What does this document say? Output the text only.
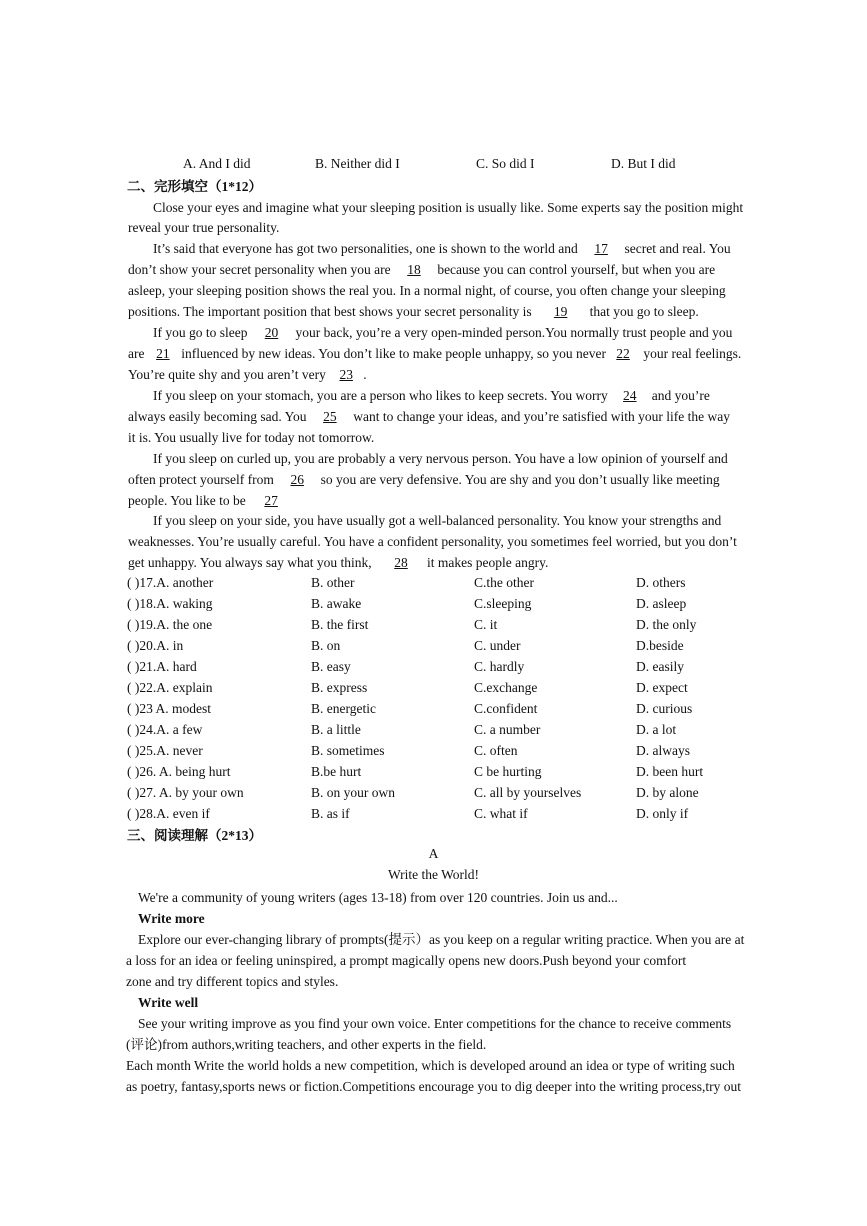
A. And I did	B. Neither did I	C. So did I	D. But I did
二、完形填空（1*12）
Close your eyes and imagine what your sleeping position is usually like. Some experts say the position might
reveal your true personality.
It’s said that everyone has got two personalities, one is shown to the world and 17 secret and real. You
don’t show your secret personality when you are 18 because you can control yourself, but when you are
asleep, your sleeping position shows the real you. In a normal night, of course, you often change your sleeping
positions. The important position that best shows your secret personality is 19 that you go to sleep.
If you go to sleep 20 your back, you’re a very open-minded person.You normally trust people and you
are 21 influenced by new ideas. You don’t like to make people unhappy, so you never 22 your real feelings.
You’re quite shy and you aren’t very 23 .
If you sleep on your stomach, you are a person who likes to keep secrets. You worry 24 and you’re
always easily becoming sad. You 25 want to change your ideas, and you’re satisfied with your life the way
it is. You usually live for today not tomorrow.
If you sleep on curled up, you are probably a very nervous person. You have a low opinion of yourself and
often protect yourself from 26 so you are very defensive. You are shy and you don’t usually like meeting
people. You like to be 27
If you sleep on your side, you have usually got a well-balanced personality. You know your strengths and
weaknesses. You’re usually careful. You have a confident personality, you sometimes feel worried, but you don’t
get unhappy. You always say what you think, 28 it makes people angry.
( )17.A. another	B. other	C.the other	D. others
( )18.A. waking	B. awake	C.sleeping	D. asleep
( )19.A. the one	B. the first	C. it	D. the only
( )20.A. in	B. on	C. under	D.beside
( )21.A. hard	B. easy	C. hardly	D. easily
( )22.A. explain	B. express	C.exchange	D. expect
( )23 A. modest	B. energetic	C.confident	D. curious
( )24.A. a few	B. a little	C. a number	D. a lot
( )25.A. never	B. sometimes	C. often	D. always
( )26. A. being hurt	B.be hurt	C be hurting	D. been hurt
( )27. A. by your own	B. on your own	C. all by yourselves	D. by alone
( )28.A. even if	B. as if	C. what if	D. only if
三、阅读理解（2*13）
A
Write the World!
We're a community of young writers (ages 13-18) from over 120 countries. Join us and...
Write more
Explore our ever-changing library of prompts(提示）as you keep on a regular writing practice. When you are at
a loss for an idea or feeling uninspired, a prompt magically opens new doors.Push beyond your comfort
zone and try different topics and styles.
Write well
See your writing improve as you find your own voice. Enter competitions for the chance to receive comments
(评论)from authors,writing teachers, and other experts in the field.
Each month Write the world holds a new competition, which is developed around an idea or type of writing such
as poetry, fantasy,sports news or fiction.Competitions encourage you to dig deeper into the writing process,try out
